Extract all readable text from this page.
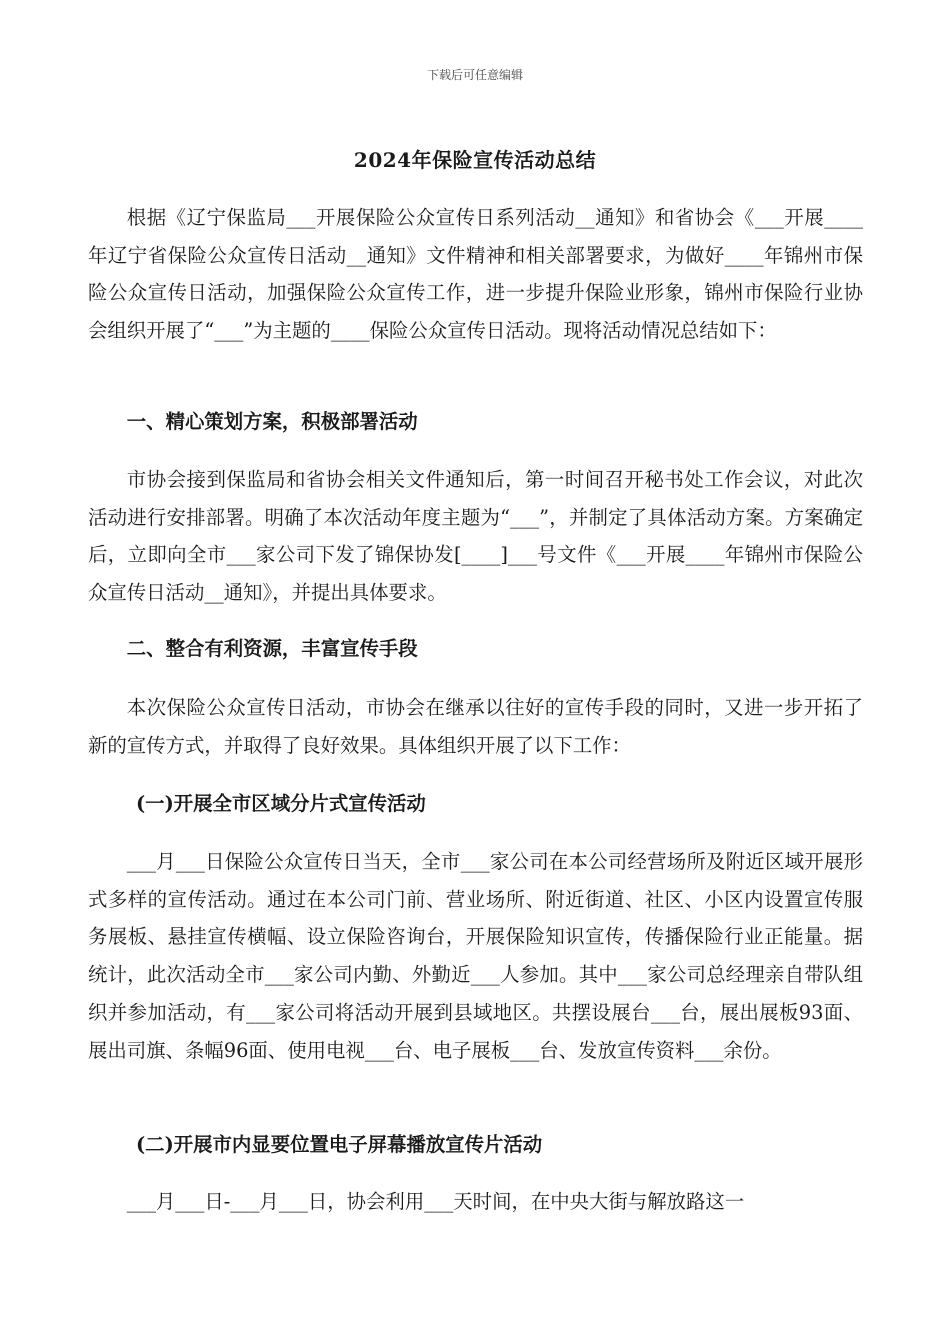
下载后可任意编辑
2024年保险宣传活动总结

根据《辽宁保监局___开展保险公众宣传日系列活动__通知》和省协会《___开展____年辽宁省保险公众宣传日活动__通知》文件精神和相关部署要求，为做好____年锦州市保险公众宣传日活动，加强保险公众宣传工作，进一步提升保险业形象，锦州市保险行业协会组织开展了“___”为主题的____保险公众宣传日活动。现将活动情况总结如下：

一、精心策划方案，积极部署活动

市协会接到保监局和省协会相关文件通知后，第一时间召开秘书处工作会议，对此次活动进行安排部署。明确了本次活动年度主题为“___”，并制定了具体活动方案。方案确定后，立即向全市___家公司下发了锦保协发[____]___号文件《___开展____年锦州市保险公众宣传日活动__通知》，并提出具体要求。

二、整合有利资源，丰富宣传手段

本次保险公众宣传日活动，市协会在继承以往好的宣传手段的同时，又进一步开拓了新的宣传方式，并取得了良好效果。具体组织开展了以下工作：

(一)开展全市区域分片式宣传活动

___月___日保险公众宣传日当天，全市___家公司在本公司经营场所及附近区域开展形式多样的宣传活动。通过在本公司门前、营业场所、附近街道、社区、小区内设置宣传服务展板、悬挂宣传横幅、设立保险咨询台，开展保险知识宣传，传播保险行业正能量。据统计，此次活动全市___家公司内勤、外勤近___人参加。其中___家公司总经理亲自带队组织并参加活动，有___家公司将活动开展到县域地区。共摆设展台___台，展出展板93面、展出司旗、条幅96面、使用电视___台、电子展板___台、发放宣传资料___余份。

(二)开展市内显要位置电子屏幕播放宣传片活动

___月___日-___月___日，协会利用___天时间，在中央大街与解放路这一
